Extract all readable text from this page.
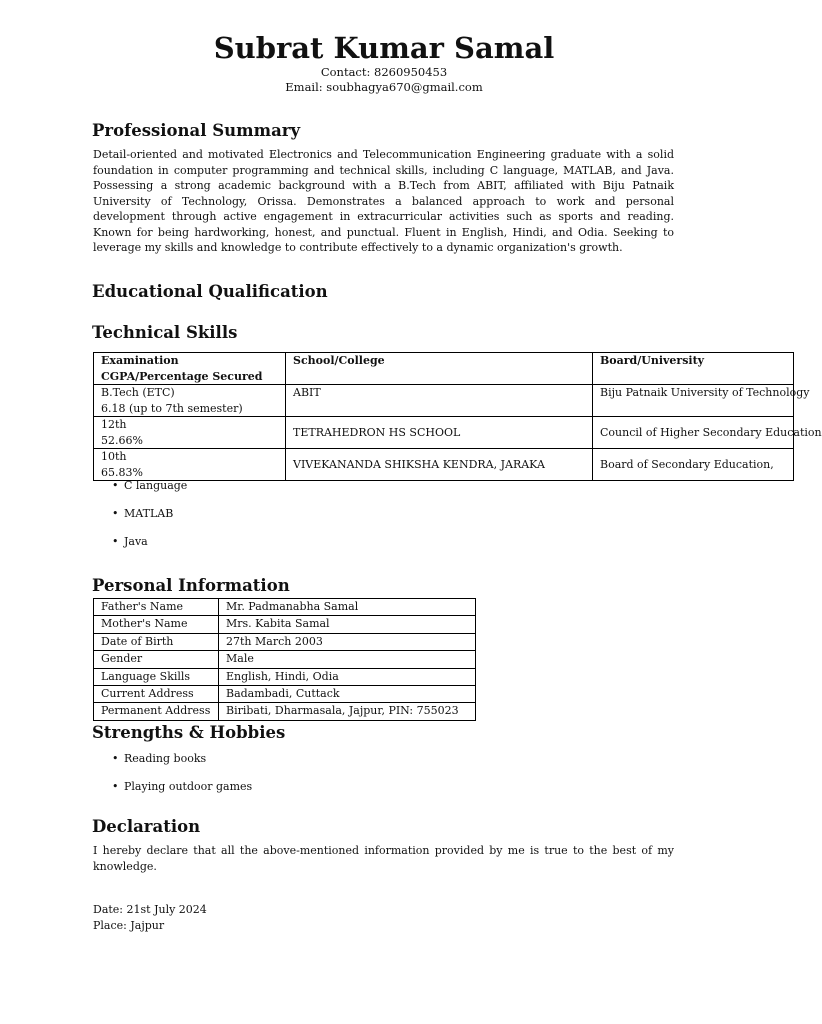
Subrat Kumar Samal
Contact: 8260950453
Email: soubhagya670@gmail.com
Professional Summary

Detail-oriented and motivated Electronics and Telecommunication Engineering graduate with a solid foundation in computer programming and technical skills, including C language, MATLAB, and Java. Possessing a strong academic background with a B.Tech from ABIT, affiliated with Biju Patnaik University of Technology, Orissa. Demonstrates a balanced approach to work and personal development through active engagement in extracurricular activities such as sports and reading. Known for being hardworking, honest, and punctual. Fluent in English, Hindi, and Odia. Seeking to leverage my skills and knowledge to contribute effectively to a dynamic organization's growth.

Educational Qualification
Technical Skills
Examination
CGPA/Percentage Secured	School/College	Board/University

B.Tech (ETC)
6.18 (up to 7th semester)	ABIT	Biju Patnaik University of Technology

12th
52.66%	TETRAHEDRON HS SCHOOL	Council of Higher Secondary Education

10th
65.83%	VIVEKANANDA SHIKSHA KENDRA, JARAKA	Board of Secondary Education,
• C language
• MATLAB
• Java
Personal Information
Father's Name	Mr. Padmanabha Samal
Mother's Name	Mrs. Kabita Samal
Date of Birth	27th March 2003
Gender	Male
Language Skills	English, Hindi, Odia
Current Address	Badambadi, Cuttack
Permanent Address	Biribati, Dharmasala, Jajpur, PIN: 755023
Strengths & Hobbies
• Reading books
• Playing outdoor games
Declaration

I hereby declare that all the above-mentioned information provided by me is true to the best of my knowledge.

Date: 21st July 2024
Place: Jajpur
